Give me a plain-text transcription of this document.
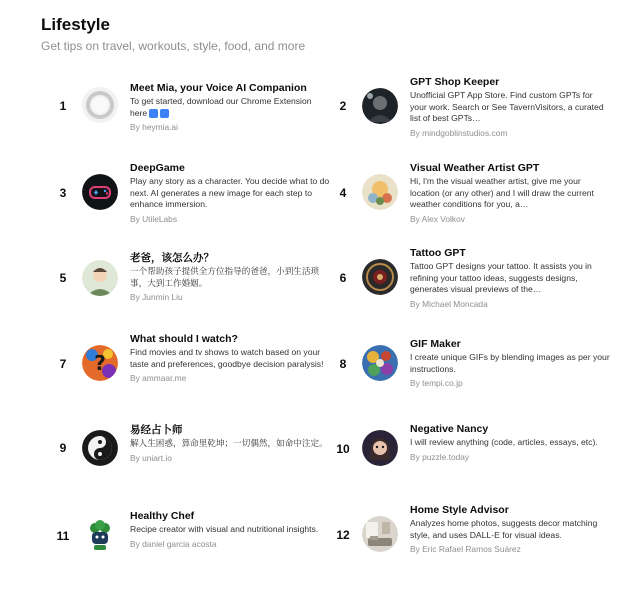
Lifestyle
Get tips on travel, workouts, style, food, and more
1
Meet Mia, your Voice AI Companion
To get started, download our Chrome Extension here
By heymia.ai
2
GPT Shop Keeper
Unofficial GPT App Store. Find custom GPTs for your work. Search or See TavernVisitors, a curated list of best GPTs…
By mindgoblinstudios.com
3
DeepGame
Play any story as a character. You decide what to do next. AI generates a new image for each step to enhance immersion.
By UtileLabs
4
Visual Weather Artist GPT
Hi, I'm the visual weather artist, give me your location (or any other) and I will draw the current weather conditions for you, a…
By Alex Volkov
5
老爸，该怎么办？
一个帮助孩子提供全方位指导的爸爸，小到生活琐事，大到工作婚姻。
By Junmin Liu
6
Tattoo GPT
Tattoo GPT designs your tattoo. It assists you in refining your tattoo ideas, suggests designs, generates visual previews of the…
By Michael Moncada
7	?
What should I watch?
Find movies and tv shows to watch based on your taste and preferences, goodbye decision paralysis!
By ammaar.me
8
GIF Maker
I create unique GIFs by blending images as per your instructions.
By tempi.co.jp
9
易经占卜师
解人生困惑，算命里乾坤；一切偶然，如命中注定。
By uniart.io
10
Negative Nancy
I will review anything (code, articles, essays, etc).
By puzzle.today
11
Healthy Chef
Recipe creator with visual and nutritional insights.
By daniel garcia acosta
12
Home Style Advisor
Analyzes home photos, suggests decor matching style, and uses DALL-E for visual ideas.
By Eric Rafael Ramos Suárez
